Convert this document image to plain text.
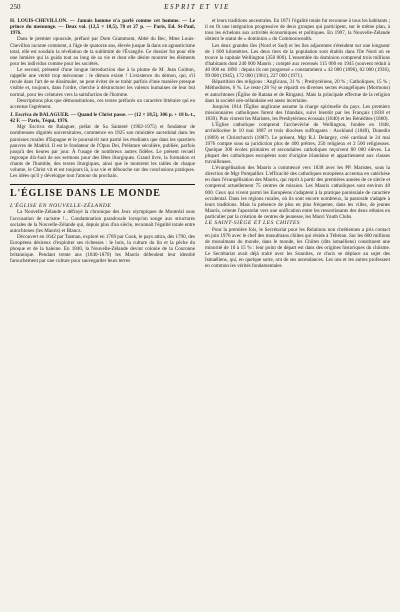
250	ESPRIT ET VIE

H. LOUIS-CHEVILLON. — Jamais homme n'a parlé comme cet homme. — Le prince du mensonge. — Deux vol. (12,5 × 18,5), 78 et 27 p. — Paris, Ed. St-Paul, 1976.

Dans le premier opuscule, préfacé par Dom Grammont, Abbé du Bec, Mme Louis-Chevillon raconte comment, à l'âge de quatorze ans, élevée jusque là dans un agnosticisme total, elle est soudain la révélation de la sublimité de l'Évangile. Ce dossier fut pour elle une lumière qui la guida tout au long de sa vie et dont elle désire montrer les éléments pour les individus comme pour les sociétés.

Le second, présenté d'une longue introduction due à la plume de M. Jean Guitton, rappelle une vérité trop méconnue : le démon existe ! L'existence du démon, qui, s'il recule dans l'art de se dissimuler, ne peut éviter de se trahir parfois d'une manière presque visible et, toujours, dans l'ordre, cherche à déstructurer les valeurs humaines de leur but normal, pour les créatures vers la satisfaction de l'homme.

Descriptions plus que démonstrations, ces textes préfacés un caractère littéraire qui en accentue l'agrément.

J. Escriva de BALAGUER. — Quand le Christ passe. — (12 × 18,5), 306 p. + 18 h.-t., 42 F. — Paris, Téqui, 1976.

Mgr Escriva de Balaguer, prélat de Sa Sainteté (1902-1975) et fondateur de nombreuses dignités universitaires, commence en 1925 son ministère sacerdotal dans les paroisses rurales d'Espagne et le poursuivit tant parmi les étudiants que dans les quartiers pauvres de Madrid. Il est le fondateur de l'Opus Dei, Prélature séculière, publiée, parfois jusqu'à des heures par jour. À l'usage de nombreux autres fidèles. Le présent recueil regroupe dix-huit de ses sermons pour des fêtes liturgiques. Grand livre, la formation et chants de l'humble, des textes liturgiques, ainsi que le montrent les tables de chaque volume, le Christ vit et est toujours là, à sa vie et débouche sur des conclusions pratiques. Les idées qu'il y développe tout l'amour du prochain.

L'ÉGLISE DANS LE MONDE

L'ÉGLISE EN NOUVELLE-ZÉLANDE

La Nouvelle-Zélande a défrayé la chronique des Jeux olympiques de Montréal sous l'accusation de racisme !... Condamnation paradoxale lorsqu'on songe aux structures sociales de la Nouvelle-Zélande qui, depuis plus d'un siècle, reconnaît l'égalité totale entre autochtones (les Maoris) et Blancs.

Découvert en 1642 par Tasman, exploré en 1769 par Cook, le pays attira, dès 1790, des Européens désireux d'exploiter ses richesses : le bois, la culture du lin et la pêche du phoque et de la baleine. En 1840, la Nouvelle-Zélande devint colonie de la Couronne britannique. Pendant trente ans (1840-1870) les Maoris défendent leur identité farouchement par une culture pour sauvegarder leurs terres

et leurs traditions ancestrales. En 1871 l'égalité totale fut reconnue à tous les habitants ; il en fit une intégration progressive de deux groupes qui participent, sur le même plan, à tous les échelons aux activités économiques et politiques. En 1907, la Nouvelle-Zélande obtient le statut de « dominion » du Commonwealth.

Les deux grandes îles (Nord et Sud) et les îles adjacentes s'étendent sur une longueur de 1 600 kilomètres. Les deux tiers de la population sont établis dans l'île Nord où se trouve la capitale Wellington (350 000). L'ensemble du dominion comprend trois millions d'habitants dont 240 000 Maoris ; compté aux recensés 115 000 en 1945 (souvent réduit à 40 000 en 1896 : depuis ils ont progressé « constamment » 42 000 (1896), 82 000 (1936), 99 000 (1945), 172 000 (1961), 227 000 (1971).

Répartition des religions : Anglicans, 31 % ; Presbytériens, 20 % ; Catholiques, 15 % ; Méthodistes, 6 %. Le reste (28 %) se répartit en diverses sectes évangéliques (Mormons) et autochtones (Église de Ratana et de Ringatu). Mais la principale effectue de la religion dans la société néo-zélandaise est assez incertaine.

Jusqu'en 1814 l'Église anglicane assume la charge spirituelle du pays. Les premiers missionnaires catholiques furent des Irlandais, suivi bientôt par les Français (1838 et 1839). Puis vinrent les Maristes, les Presbytériens écossais (1840) et les Bénédites (1860).

L'Église catholique comprend l'archevêché de Wellington, fondée en 1848, archidiocèse le 10 mai 1887 et trois diocèses suffragants : Auckland (1848), Dunedin (1869) et Christchurch (1887). Le présent, Mgr R.J. Delargey, créé cardinal le 24 mai 1976 compte sous sa juridiction plus de 400 prêtres, 250 religieux et 2 500 religieuses. Quelque 300 écoles primaires et secondaires catholiques reçoivent 80 000 élèves. La plupart des catholiques européens sont d'origine irlandaise et appartiennent aux classes travailleuses.

L'évangélisation des Maoris a commencé vers 1838 avec les PP. Maristes, sous la direction de Mgr Pompallier. L'efficacité des catholiques européens accentua en catéchèse en dans l'évangélisation des Maoris, qui reprit à partir des premières années de ce siècle et comprend actuellement 75 centres de mission. Les Maoris catholiques sont environ 48 000. Ceux qui vivent parmi les Européens s'adaptent à la pratique paroissiale de caractère occidental. Dans les régions rurales, où ils sont encore nombreux, la pastorale s'adapte à leurs traditions. Mais la présence de plus en plus fréquente, dans les villes, de jeunes Maoris, oriente l'apostolat vers une unification entre les ressortissants des deux ethnies en particulier par la création de centres de jeunesse, les Maori Youth Clubs.

LE SAINT-SIÈGE ET LES CHIITES

Pour la première fois, le Secrétariat pour les Relations non chrétiennes a pris contact en juin 1976 avec le chef des musulmans chiites qui réside à Téhéran. Sur les 600 millions de musulmans du monde, dans le monde, les Chiites (dits ismaéliens) constituent une minorité de 10 à 15 % : leur point de départ est dans des origines historiques du chiisme. Le Secrétariat avait déjà traité avec les Sunnites, ce choix se déplace au sujet des Ismaéliens, qui, en quelque sorte, ont de ses ascendances. Les uns et les autres professent en commun les vérités fondamentales
